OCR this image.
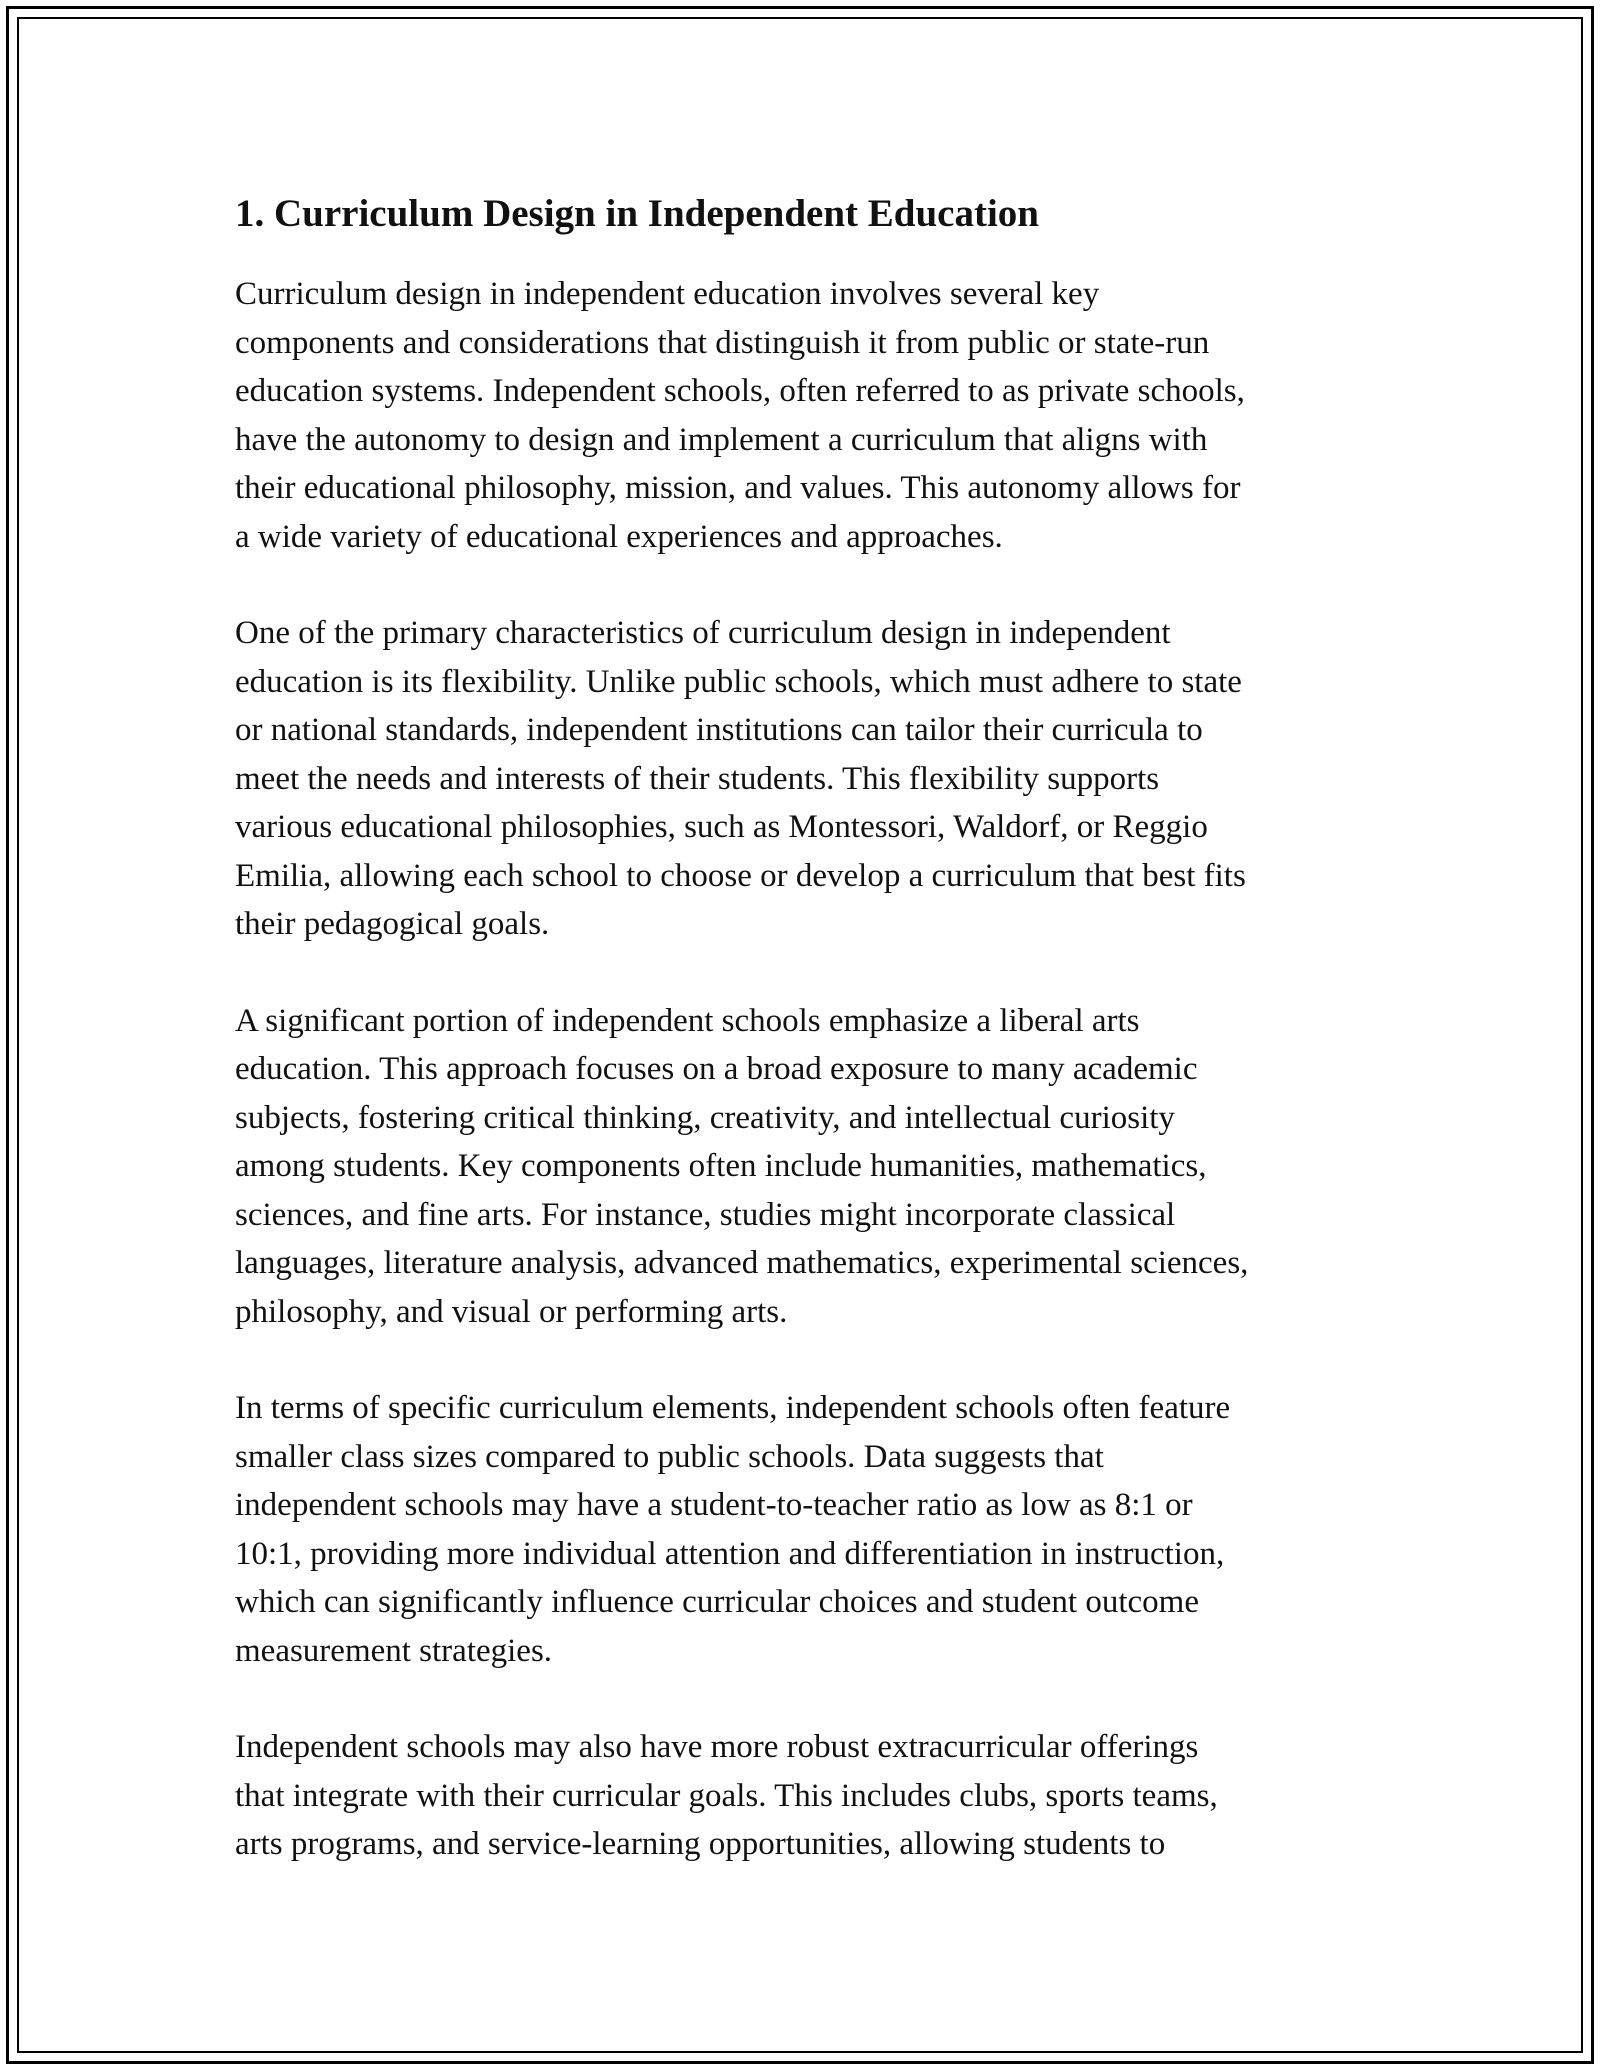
1. Curriculum Design in Independent Education

Curriculum design in independent education involves several key
components and considerations that distinguish it from public or state-run
education systems. Independent schools, often referred to as private schools,
have the autonomy to design and implement a curriculum that aligns with
their educational philosophy, mission, and values. This autonomy allows for
a wide variety of educational experiences and approaches.

One of the primary characteristics of curriculum design in independent
education is its flexibility. Unlike public schools, which must adhere to state
or national standards, independent institutions can tailor their curricula to
meet the needs and interests of their students. This flexibility supports
various educational philosophies, such as Montessori, Waldorf, or Reggio
Emilia, allowing each school to choose or develop a curriculum that best fits
their pedagogical goals.

A significant portion of independent schools emphasize a liberal arts
education. This approach focuses on a broad exposure to many academic
subjects, fostering critical thinking, creativity, and intellectual curiosity
among students. Key components often include humanities, mathematics,
sciences, and fine arts. For instance, studies might incorporate classical
languages, literature analysis, advanced mathematics, experimental sciences,
philosophy, and visual or performing arts.

In terms of specific curriculum elements, independent schools often feature
smaller class sizes compared to public schools. Data suggests that
independent schools may have a student-to-teacher ratio as low as 8:1 or
10:1, providing more individual attention and differentiation in instruction,
which can significantly influence curricular choices and student outcome
measurement strategies.

Independent schools may also have more robust extracurricular offerings
that integrate with their curricular goals. This includes clubs, sports teams,
arts programs, and service-learning opportunities, allowing students to
